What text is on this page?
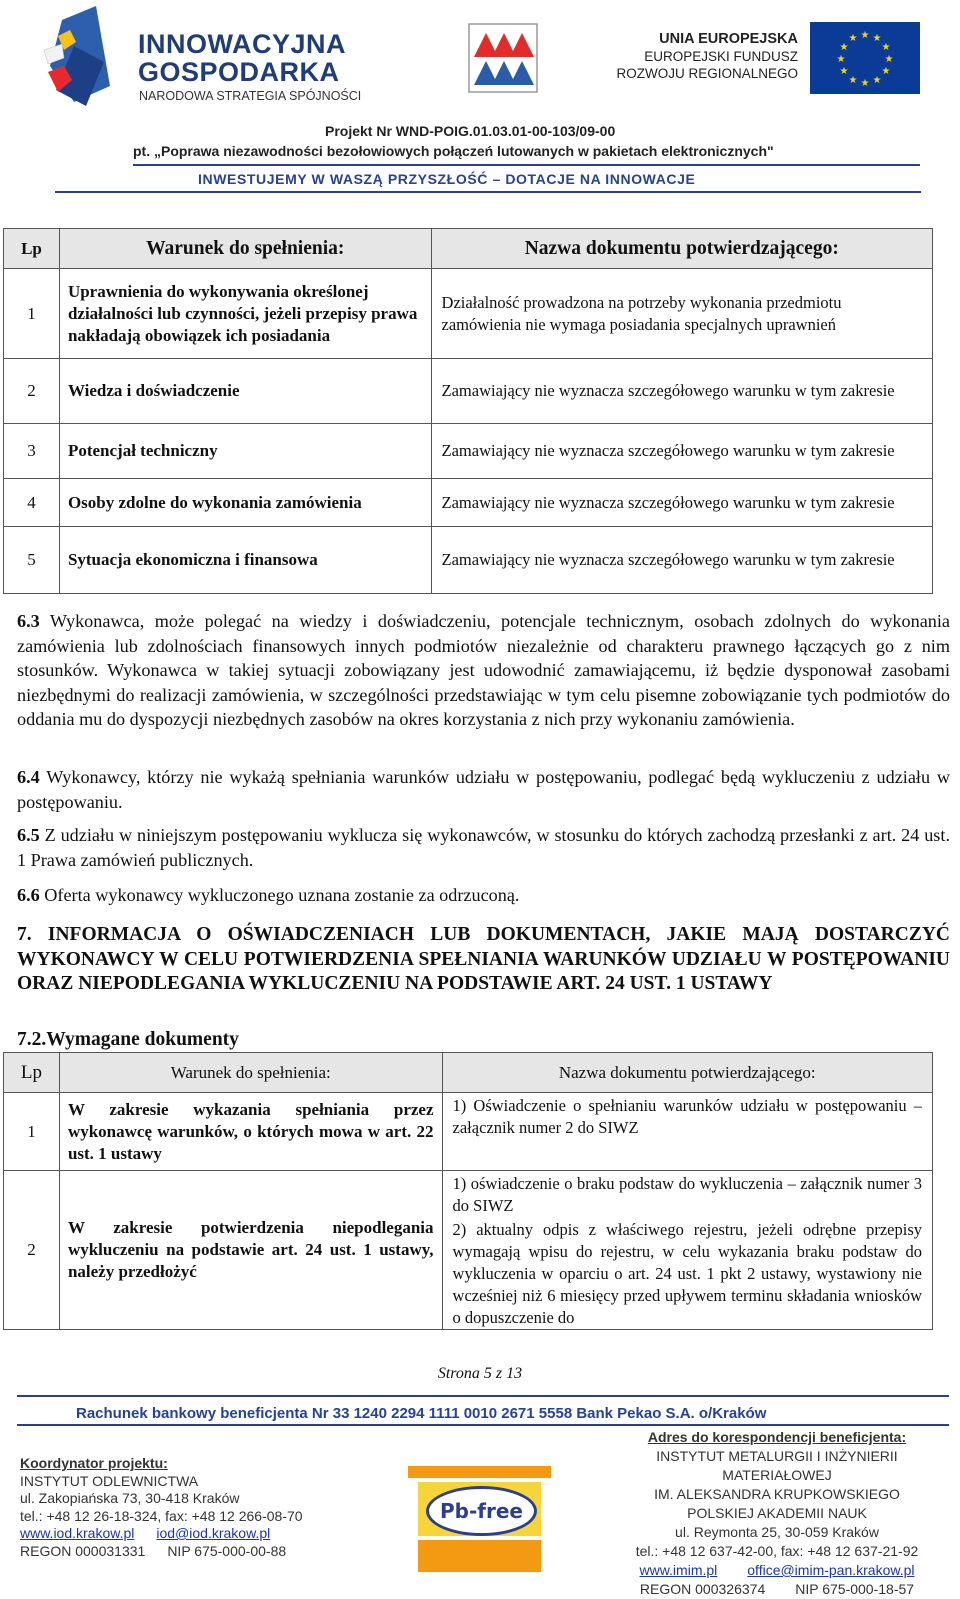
INNOWACYJNA
GOSPODARKA
NARODOWA STRATEGIA SPÓJNOŚCI
UNIA EUROPEJSKA
EUROPEJSKI FUNDUSZ
ROZWOJU REGIONALNEGO
★ ★
★
★
★
★
★
★
★
★
★
★
Projekt Nr WND-POIG.01.03.01-00-103/09-00
pt. „Poprawa niezawodności bezołowiowych połączeń lutowanych w pakietach elektronicznych"
INWESTUJEMY W WASZĄ PRZYSZŁOŚĆ – DOTACJE NA INNOWACJE
Lp	Warunek do spełnienia:	Nazwa dokumentu potwierdzającego:
1	Uprawnienia do wykonywania określonej działalności lub czynności, jeżeli przepisy prawa nakładają obowiązek ich posiadania	Działalność prowadzona na potrzeby wykonania przedmiotu zamówienia nie wymaga posiadania specjalnych uprawnień
2	Wiedza i doświadczenie	Zamawiający nie wyznacza szczegółowego warunku w tym zakresie
3	Potencjał techniczny	Zamawiający nie wyznacza szczegółowego warunku w tym zakresie
4	Osoby zdolne do wykonania zamówienia	Zamawiający nie wyznacza szczegółowego warunku w tym zakresie
5	Sytuacja ekonomiczna i finansowa	Zamawiający nie wyznacza szczegółowego warunku w tym zakresie
6.3 Wykonawca, może polegać na wiedzy i doświadczeniu, potencjale technicznym, osobach zdolnych do wykonania zamówienia lub zdolnościach finansowych innych podmiotów niezależnie od charakteru prawnego łączących go z nim stosunków. Wykonawca w takiej sytuacji zobowiązany jest udowodnić zamawiającemu, iż będzie dysponował zasobami niezbędnymi do realizacji zamówienia, w szczególności przedstawiając w tym celu pisemne zobowiązanie tych podmiotów do oddania mu do dyspozycji niezbędnych zasobów na okres korzystania z nich przy wykonaniu zamówienia.
6.4 Wykonawcy, którzy nie wykażą spełniania warunków udziału w postępowaniu, podlegać będą wykluczeniu z udziału w postępowaniu.
6.5 Z udziału w niniejszym postępowaniu wyklucza się wykonawców, w stosunku do których zachodzą przesłanki z art. 24 ust. 1 Prawa zamówień publicznych.
6.6 Oferta wykonawcy wykluczonego uznana zostanie za odrzuconą.
7. INFORMACJA O OŚWIADCZENIACH LUB DOKUMENTACH, JAKIE MAJĄ DOSTARCZYĆ WYKONAWCY W CELU POTWIERDZENIA SPEŁNIANIA WARUNKÓW UDZIAŁU W POSTĘPOWANIU ORAZ NIEPODLEGANIA WYKLUCZENIU NA PODSTAWIE ART. 24 UST. 1 USTAWY
7.2.Wymagane dokumenty
Lp	Warunek do spełnienia:	Nazwa dokumentu potwierdzającego:
1	W zakresie wykazania spełniania przez wykonawcę warunków, o których mowa w art. 22 ust. 1 ustawy	1) Oświadczenie o spełnianiu warunków udziału w postępowaniu – załącznik numer 2 do SIWZ
2	W zakresie potwierdzenia niepodlegania wykluczeniu na podstawie art. 24 ust. 1 ustawy, należy przedłożyć	1) oświadczenie o braku podstaw do wykluczenia – załącznik numer 3 do SIWZ
2) aktualny odpis z właściwego rejestru, jeżeli odrębne przepisy wymagają wpisu do rejestru, w celu wykazania braku podstaw do wykluczenia w oparciu o art. 24 ust. 1 pkt 2 ustawy, wystawiony nie wcześniej niż 6 miesięcy przed upływem terminu składania wniosków o dopuszczenie do
Strona 5 z 13
Rachunek bankowy beneficjenta Nr 33 1240 2294 1111 0010 2671 5558 Bank Pekao S.A. o/Kraków
Koordynator projektu:
INSTYTUT ODLEWNICTWA
ul. Zakopiańska 73, 30-418 Kraków
tel.: +48 12 26-18-324, fax: +48 12 266-08-70
www.iod.krakow.pl iod@iod.krakow.pl
REGON 000031331 NIP 675-000-00-88
Pb-free
Adres do korespondencji beneficjenta:
INSTYTUT METALURGII I INŻYNIERII MATERIAŁOWEJ
IM. ALEKSANDRA KRUPKOWSKIEGO
POLSKIEJ AKADEMII NAUK
ul. Reymonta 25, 30-059 Kraków
tel.: +48 12 637-42-00, fax: +48 12 637-21-92
www.imim.pl office@imim-pan.krakow.pl
REGON 000326374 NIP 675-000-18-57
